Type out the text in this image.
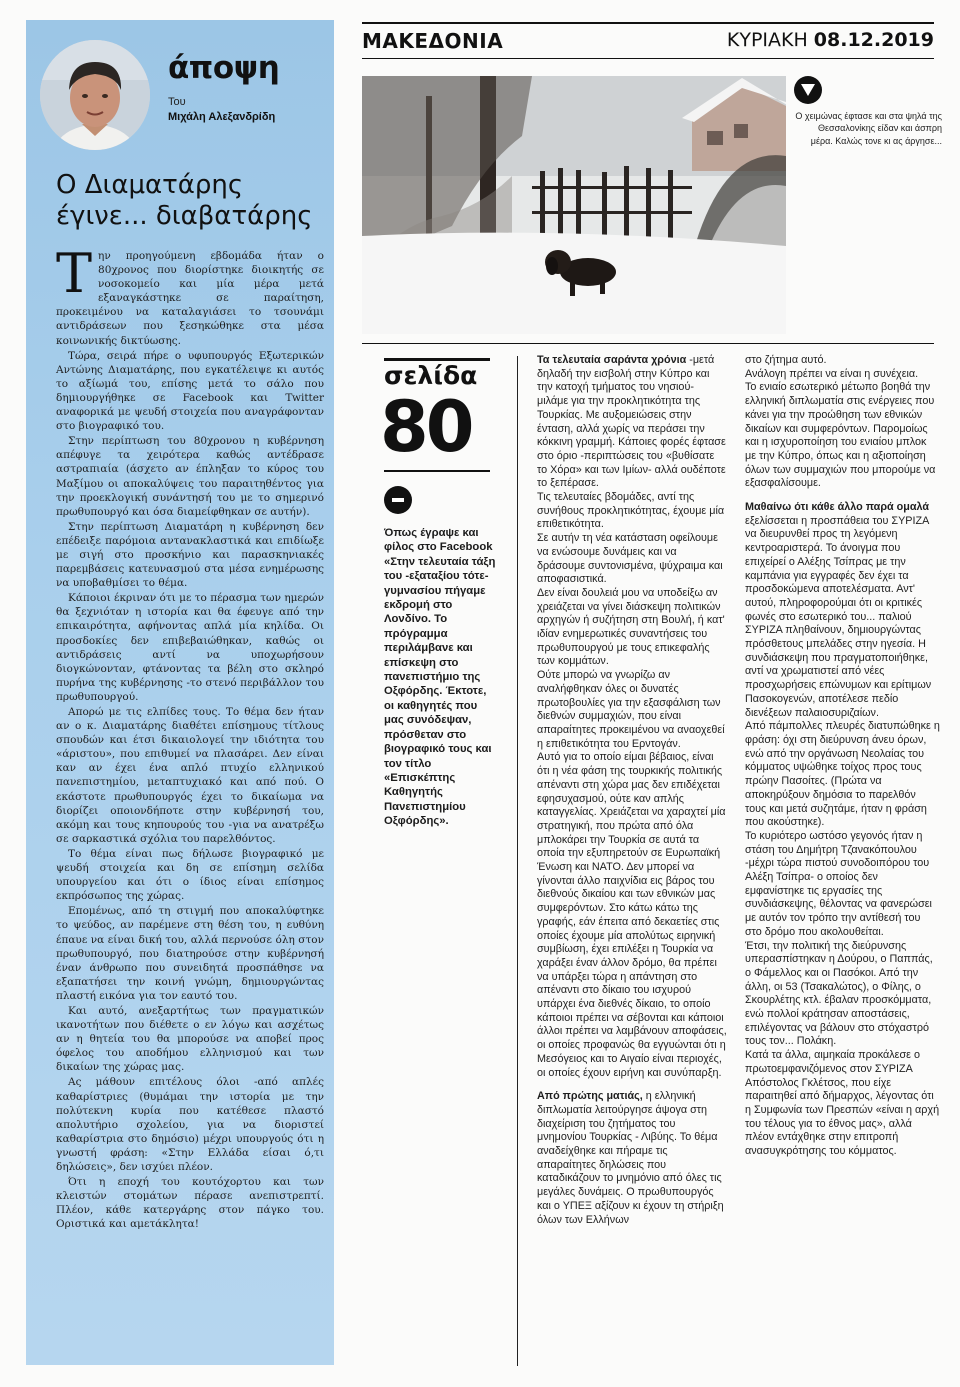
άποψη
Του
Μιχάλη Αλεξανδρίδη
Ο Διαματάρης
έγινε... διαβατάρης

Την προηγούμενη εβδομάδα ήταν ο 80χρονος που διορίστηκε διοικητής σε νοσοκομείο και μία μέρα μετά εξαναγκάστηκε σε παραίτηση, προκειμένου να καταλαγιάσει το τσουνάμι αντιδράσεων που ξεσηκώθηκε στα μέσα κοινωνικής δικτύωσης.

Τώρα, σειρά πήρε ο υφυπουργός Εξωτερικών Αντώνης Διαματάρης, που εγκατέλειψε κι αυτός το αξίωμά του, επίσης μετά το σάλο που δημιουργήθηκε σε Facebook και Twitter αναφορικά με ψευδή στοιχεία που αναγράφονταν στο βιογραφικό του.

Στην περίπτωση του 80χρονου η κυβέρνηση απέφυγε τα χειρότερα καθώς αντέδρασε αστραπιαία (άσχετο αν έπληξαν το κύρος του Μαξίμου οι αποκαλύψεις του παραιτηθέντος για την προεκλογική συνάντησή του με το σημερινό πρωθυπουργό και όσα διαμείφθηκαν σε αυτήν).

Στην περίπτωση Διαματάρη η κυβέρνηση δεν επέδειξε παρόμοια αντανακλαστικά και επιδίωξε με σιγή στο προσκήνιο και παρασκηνιακές παρεμβάσεις κατευνασμού στα μέσα ενημέρωσης να υποβαθμίσει το θέμα.

Κάποιοι έκριναν ότι με το πέρασμα των ημερών θα ξεχνιόταν η ιστορία και θα έφευγε από την επικαιρότητα, αφήνοντας απλά μία κηλίδα. Οι προσδοκίες δεν επιβεβαιώθηκαν, καθώς οι αντιδράσεις αντί να υποχωρήσουν διογκώνονταν, φτάνοντας τα βέλη στο σκληρό πυρήνα της κυβέρνησης -το στενό περιβάλλον του πρωθυπουργού.

Απορώ με τις ελπίδες τους. Το θέμα δεν ήταν αν ο κ. Διαματάρης διαθέτει επίσημους τίτλους σπουδών και έτσι δικαιολογεί την ιδιότητα του «άριστου», που επιθυμεί να πλασάρει. Δεν είναι καν αν έχει ένα απλό πτυχίο ελληνικού πανεπιστημίου, μεταπτυχιακό και από πού. Ο εκάστοτε πρωθυπουργός έχει το δικαίωμα να διορίζει οποιονδήποτε στην κυβέρνησή του, ακόμη και τους κηπουρούς του -για να ανατρέξω σε σαρκαστικά σχόλια του παρελθόντος.

Το θέμα είναι πως δήλωσε βιογραφικό με ψευδή στοιχεία και δη σε επίσημη σελίδα υπουργείου και ότι ο ίδιος είναι επίσημος εκπρόσωπος της χώρας.

Επομένως, από τη στιγμή που αποκαλύφτηκε το ψεύδος, αν παρέμενε στη θέση του, η ευθύνη έπαυε να είναι δική του, αλλά περνούσε όλη στον πρωθυπουργό, που διατηρούσε στην κυβέρνησή έναν άνθρωπο που συνειδητά προσπάθησε να εξαπατήσει την κοινή γνώμη, δημιουργώντας πλαστή εικόνα για τον εαυτό του.

Και αυτό, ανεξαρτήτως των πραγματικών ικανοτήτων που διέθετε ο εν λόγω και ασχέτως αν η θητεία του θα μπορούσε να αποβεί προς όφελος του αποδήμου ελληνισμού και των δικαίων της χώρας μας.

Ας μάθουν επιτέλους όλοι -από απλές καθαρίστριες (θυμάμαι την ιστορία με την πολύτεκνη κυρία που κατέθεσε πλαστό απολυτήριο σχολείου, για να διοριστεί καθαρίστρια στο δημόσιο) μέχρι υπουργούς ότι η γνωστή φράση: «Στην Ελλάδα είσαι ό,τι δηλώσεις», δεν ισχύει πλέον.

Ότι η εποχή του κουτόχορτου και των κλειστών στομάτων πέρασε ανεπιστρεπτί. Πλέον, κάθε κατεργάρης στον πάγκο του. Οριστικά και αμετάκλητα!

ΜΑΚΕΔΟΝΙΑ	ΚΥΡΙΑΚΗ 08.12.2019
Ο χειμώνας έφτασε και στα ψηλά της Θεσσαλονίκης είδαν και άσπρη μέρα. Καλώς τονε κι ας άργησε...
σελίδα
80
Όπως έγραψε και φίλος στο Facebook «Στην τελευταία τάξη του -εξαταξίου τότε- γυμνασίου πήγαμε εκδρομή στο Λονδίνο. Το πρόγραμμα περιλάμβανε και επίσκεψη στο πανεπιστήμιο της Οξφόρδης. Έκτοτε, οι καθηγητές που μας συνόδεψαν, πρόσθεταν στο βιογραφικό τους και τον τίτλο «Επισκέπτης Καθηγητής Πανεπιστημίου Οξφόρδης».

Τα τελευταία σαράντα χρόνια -μετά δηλαδή την εισβολή στην Κύπρο και την κατοχή τμήματος του νησιού- μιλάμε για την προκλητικότητα της Τουρκίας. Με αυξομειώσεις στην ένταση, αλλά χωρίς να περάσει την κόκκινη γραμμή. Κάποιες φορές έφτασε στο όριο -περιπτώσεις του «βυθίσατε το Χόρα» και των Ιμίων- αλλά ουδέποτε το ξεπέρασε.

Τις τελευταίες βδομάδες, αντί της συνήθους προκλητικότητας, έχουμε μία επιθετικότητα.

Σε αυτήν τη νέα κατάσταση οφείλουμε να ενώσουμε δυνάμεις και να δράσουμε συντονισμένα, ψύχραιμα και αποφασιστικά.

Δεν είναι δουλειά μου να υποδείξω αν χρειάζεται να γίνει διάσκεψη πολιτικών αρχηγών ή συζήτηση στη Βουλή, ή κατ' ιδίαν ενημερωτικές συναντήσεις του πρωθυπουργού με τους επικεφαλής των κομμάτων.

Ούτε μπορώ να γνωρίζω αν αναλήφθηκαν όλες οι δυνατές πρωτοβουλίες για την εξασφάλιση των διεθνών συμμαχιών, που είναι απαραίτητες προκειμένου να αναοχεθεί η επιθετικότητα του Ερντογάν.

Αυτό για το οποίο είμαι βέβαιος, είναι ότι η νέα φάση της τουρκικής πολιτικής απέναντι στη χώρα μας δεν επιδέχεται εφησυχασμού, ούτε καν απλής καταγγελίας. Χρειάζεται να χαραχτεί μία στρατηγική, που πρώτα από όλα μπλοκάρει την Τουρκία σε αυτά τα οποία την εξυπηρετούν σε Ευρωπαϊκή Ένωση και ΝΑΤΟ. Δεν μπορεί να γίνονται άλλο παιχνίδια εις βάρος του διεθνούς δικαίου και των εθνικών μας συμφερόντων. Στο κάτω κάτω της γραφής, εάν έπειτα από δεκαετίες στις οποίες έχουμε μία απολύτως ειρηνική συμβίωση, έχει επιλέξει η Τουρκία να χαράξει έναν άλλον δρόμο, θα πρέπει να υπάρξει τώρα η απάντηση στο απέναντι στο δίκαιο του ισχυρού υπάρχει ένα διεθνές δίκαιο, το οποίο κάποιοι πρέπει να σέβονται και κάποιοι άλλοι πρέπει να λαμβάνουν αποφάσεις, οι οποίες προφανώς θα εγγυώνται ότι η Μεσόγειος και το Αιγαίο είναι περιοχές, οι οποίες έχουν ειρήνη και συνύπαρξη.

Από πρώτης ματιάς, η ελληνική διπλωματία λειτούργησε άψογα στη διαχείριση του ζητήματος του μνημονίου Τουρκίας - Λιβύης. Το θέμα αναδείχθηκε και πήραμε τις απαραίτητες δηλώσεις που καταδικάζουν το μνημόνιο από όλες τις μεγάλες δυνάμεις. Ο πρωθυπουργός και ο ΥΠΕΞ αξίζουν κι έχουν τη στήριξη όλων των Ελλήνων

στο ζήτημα αυτό.

Ανάλογη πρέπει να είναι η συνέχεια.

Το ενιαίο εσωτερικό μέτωπο βοηθά την ελληνική διπλωματία στις ενέργειες που κάνει για την προώθηση των εθνικών δικαίων και συμφερόντων. Παρομοίως και η ισχυροποίηση του ενιαίου μπλοκ με την Κύπρο, όπως και η αξιοποίηση όλων των συμμαχιών που μπορούμε να εξασφαλίσουμε.

Μαθαίνω ότι κάθε άλλο παρά ομαλά εξελίσσεται η προσπάθεια του ΣΥΡΙΖΑ να διευρυνθεί προς τη λεγόμενη κεντροαριστερά. Το άνοιγμα που επιχείρεί ο Αλέξης Τσίπρας με την καμπάνια για εγγραφές δεν έχει τα προσδοκώμενα αποτελέσματα. Αντ' αυτού, πληροφορούμαι ότι οι κριτικές φωνές στο εσωτερικό του... παλιού ΣΥΡΙΖΑ πληθαίνουν, δημιουργώντας πρόσθετους μπελάδες στην ηγεσία. Η συνδιάσκεψη που πραγματοποιήθηκε, αντί να χρωματιστεί από νέες προσχωρήσεις επώνυμων και ερίτιμων Πασοκογενών, αποτέλεσε πεδίο διενέξεων παλαιοσυριζαίων.

Από πάμπολλες πλευρές διατυπώθηκε η φράση: όχι στη διεύρυνση άνευ όρων, ενώ από την οργάνωση Νεολαίας του κόμματος υψώθηκε τοίχος προς τους πρώην Πασοίτες. (Πρώτα να αποκηρύξουν δημόσια το παρελθόν τους και μετά συζητάμε, ήταν η φράση που ακούστηκε).

Το κυριότερο ωστόσο γεγονός ήταν η στάση του Δημήτρη Τζανακόπουλου -μέχρι τώρα πιστού συνοδοιπόρου του Αλέξη Τσίπρα- ο οποίος δεν εμφανίστηκε τις εργασίες της συνδιάσκεψης, θέλοντας να φανερώσει με αυτόν τον τρόπο την αντίθεσή του στο δρόμο που ακολουθείται.

Έτσι, την πολιτική της διεύρυνσης υπερασπίστηκαν η Δούρου, ο Παππάς, ο Φάμελλος και οι Πασόκοι. Από την άλλη, οι 53 (Τσακαλώτος), ο Φίλης, ο Σκουρλέτης κτλ. έβαλαν προσκόμματα, ενώ πολλοί κράτησαν αποστάσεις, επιλέγοντας να βάλουν στο στόχαστρό τους τον... Πολάκη.

Κατά τα άλλα, αιμηκαία προκάλεσε ο πρωτοεμφανιζόμενος στον ΣΥΡΙΖΑ Απόστολος Γκλέτσος, που είχε παραιτηθεί από δήμαρχος, λέγοντας ότι η Συμφωνία των Πρεσπών «είναι η αρχή του τέλους για το έθνος μας», αλλά πλέον εντάχθηκε στην επιτροπή ανασυγκρότησης του κόμματος.
